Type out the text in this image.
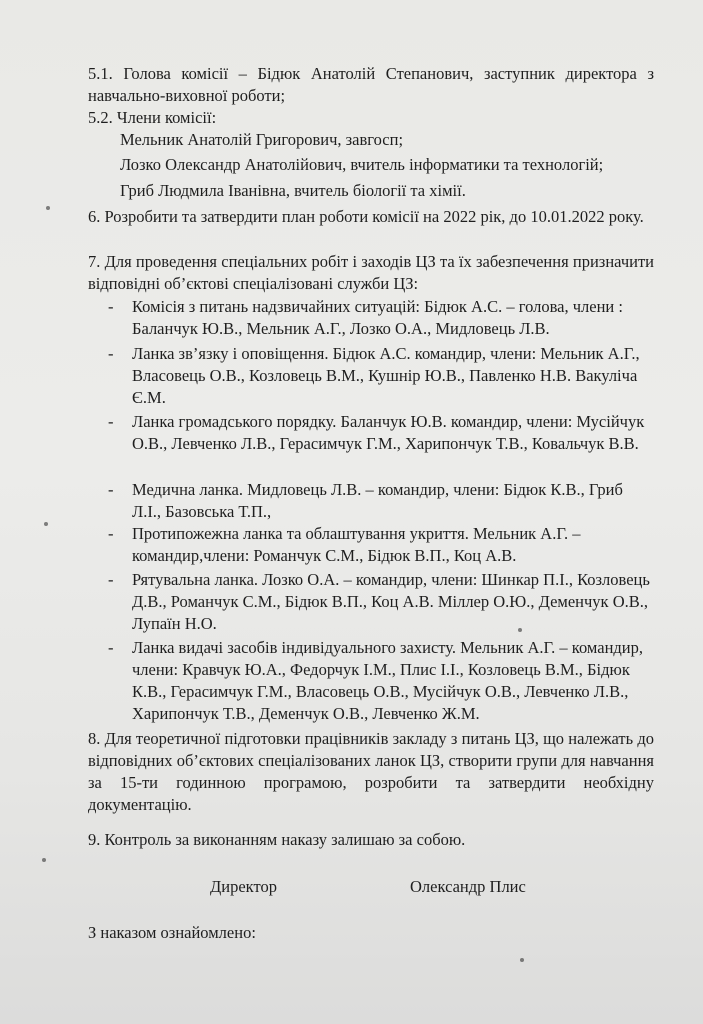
5.1. Голова комісії – Бідюк Анатолій Степанович, заступник директора з навчально-виховної роботи;

5.2. Члени комісії:

Мельник Анатолій Григорович, завгосп;

Лозко Олександр Анатолійович, вчитель інформатики та технологій;

Гриб Людмила Іванівна, вчитель біології та хімії.

6. Розробити та затвердити план роботи комісії на 2022 рік, до 10.01.2022 року.

7. Для проведення спеціальних робіт і заходів ЦЗ та їх забезпечення призначити відповідні об’єктові спеціалізовані служби ЦЗ:

- Комісія з питань надзвичайних ситуацій: Бідюк А.С. – голова, члени : Баланчук Ю.В., Мельник А.Г., Лозко О.А., Мидловець Л.В.

- Ланка зв’язку і оповіщення. Бідюк А.С. командир, члени: Мельник А.Г., Власовець О.В., Козловець В.М., Кушнір Ю.В., Павленко Н.В. Вакуліча Є.М.

- Ланка громадського порядку. Баланчук Ю.В. командир, члени: Мусійчук О.В., Левченко Л.В., Герасимчук Г.М., Харипончук Т.В., Ковальчук В.В.

- Медична ланка. Мидловець Л.В. – командир, члени: Бідюк К.В., Гриб Л.І., Базовська Т.П.,

- Протипожежна ланка та облаштування укриття. Мельник А.Г. – командир,члени: Романчук С.М., Бідюк В.П., Коц А.В.

- Рятувальна ланка. Лозко О.А. – командир, члени: Шинкар П.І., Козловець Д.В., Романчук С.М., Бідюк В.П., Коц А.В. Міллер О.Ю., Деменчук О.В., Лупаїн Н.О.

- Ланка видачі засобів індивідуального захисту. Мельник А.Г. – командир, члени: Кравчук Ю.А., Федорчук І.М., Плис І.І., Козловець В.М., Бідюк К.В., Герасимчук Г.М., Власовець О.В., Мусійчук О.В., Левченко Л.В., Харипончук Т.В., Деменчук О.В., Левченко Ж.М.

8. Для теоретичної підготовки працівників закладу з питань ЦЗ, що належать до відповідних об’єктових спеціалізованих ланок ЦЗ, створити групи для навчання за 15-ти годинною програмою, розробити та затвердити необхідну документацію.

9. Контроль за виконанням наказу залишаю за собою.

Директор	Олександр Плис

З наказом ознайомлено:
